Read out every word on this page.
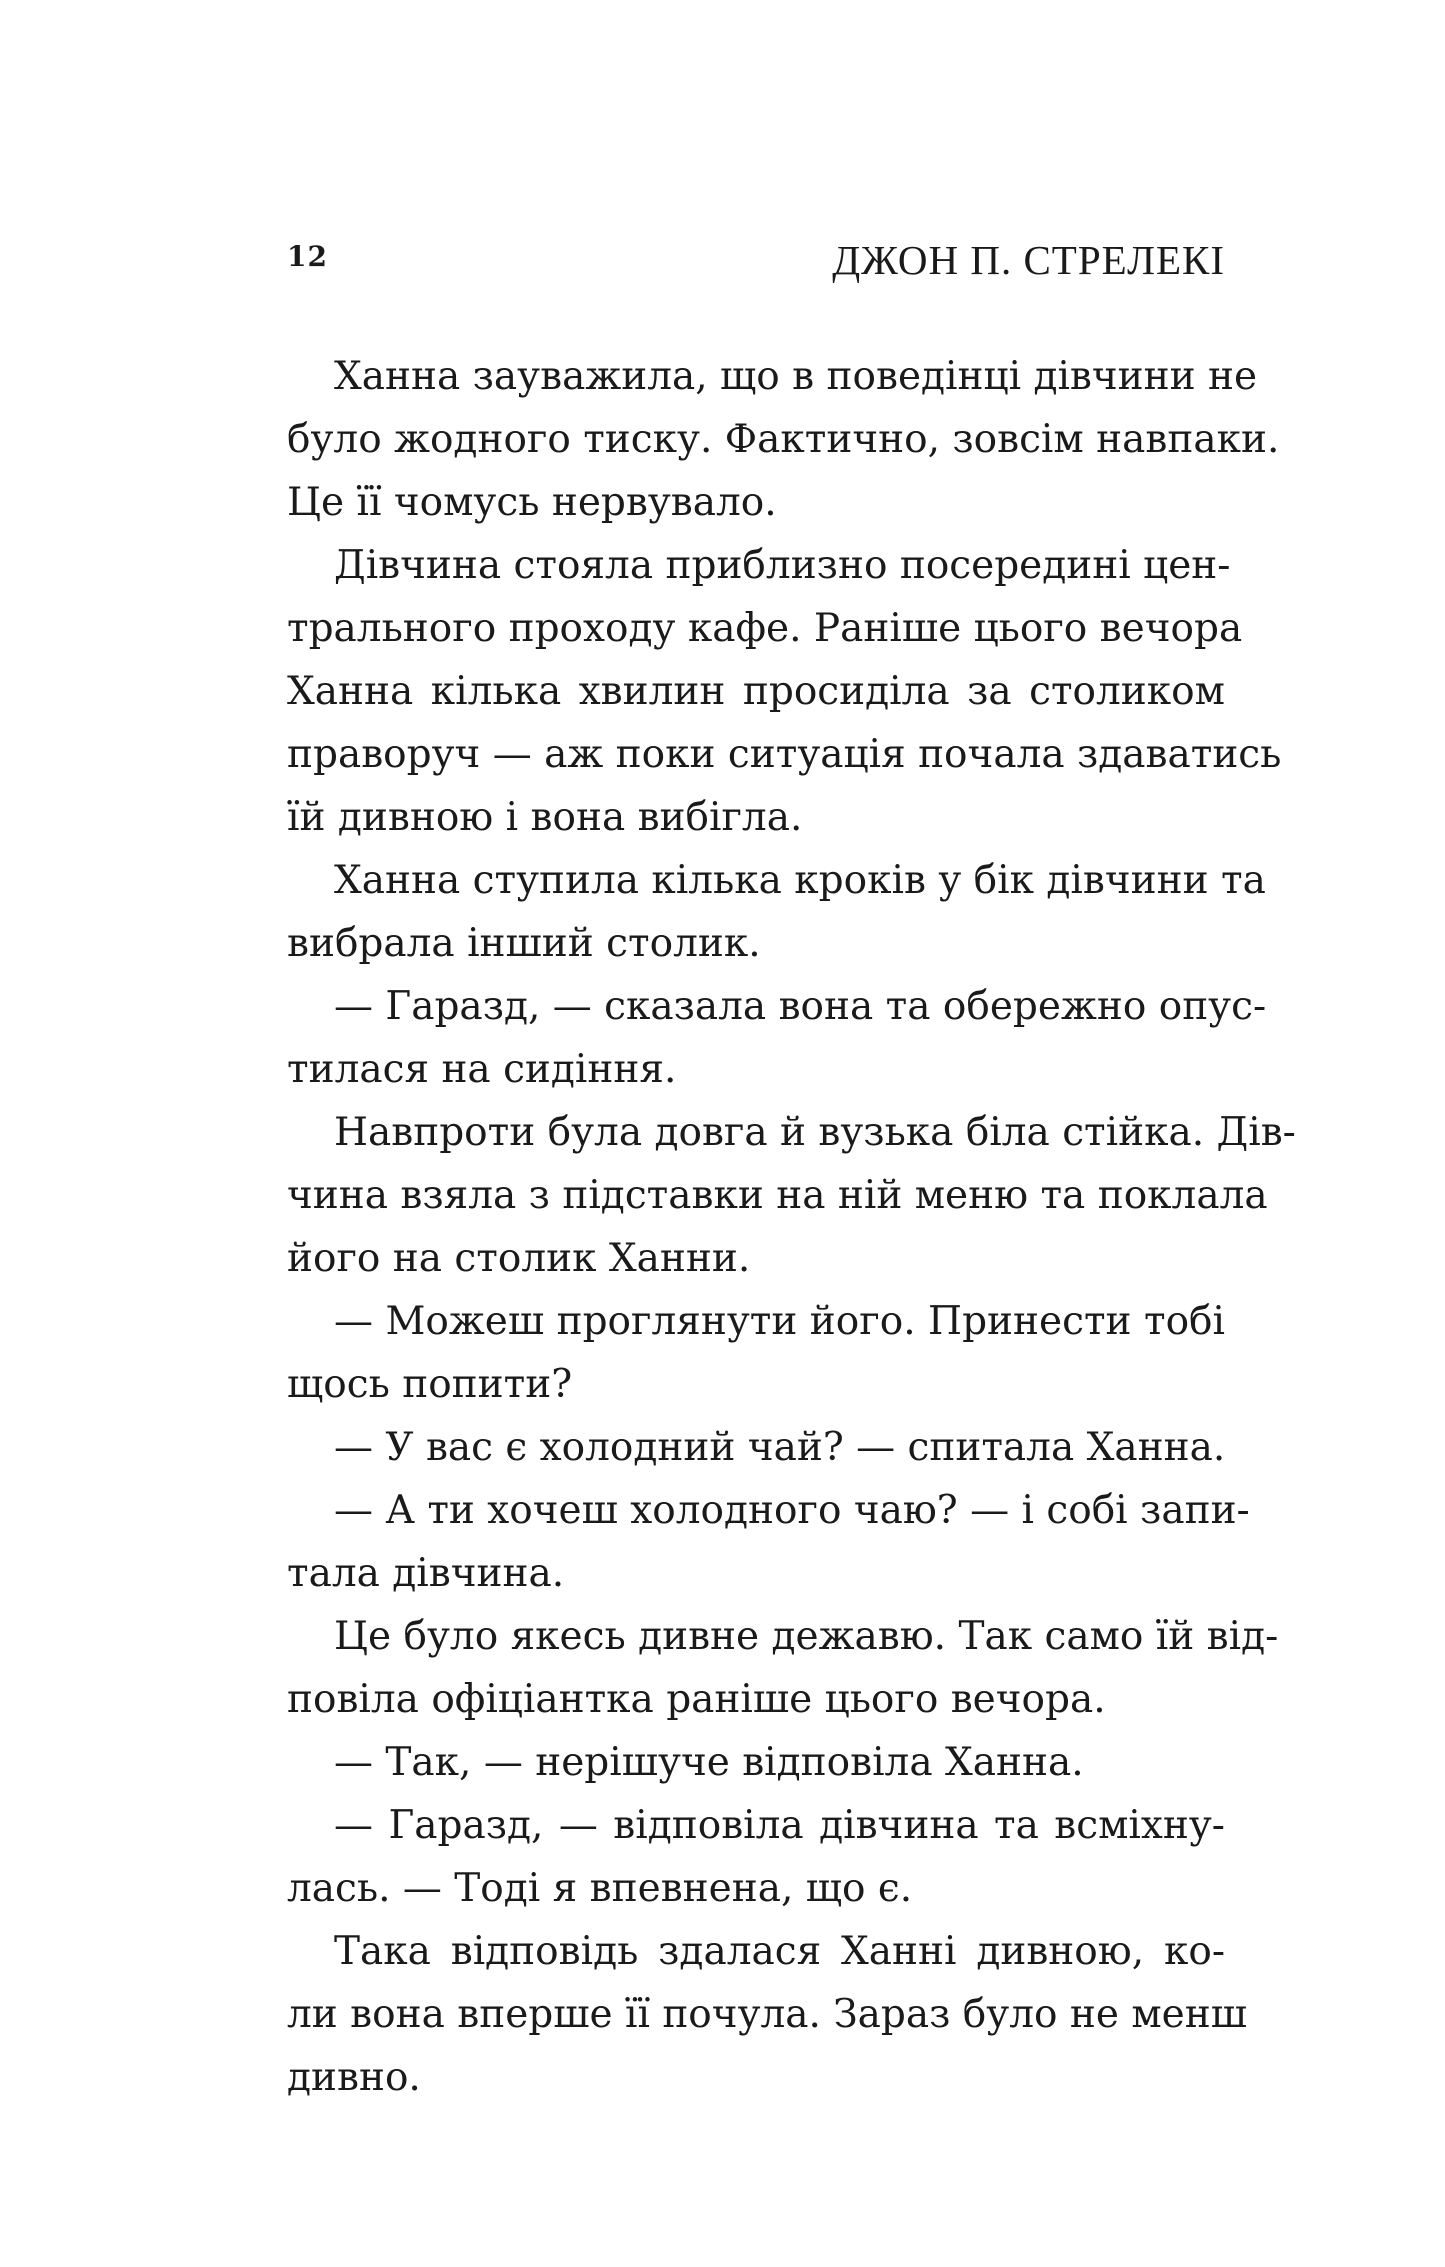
12	ДЖОН П. СТРЕЛЕКІ
Ханна зауважила, що в поведінці дівчини не
було жодного тиску. Фактично, зовсім навпаки.
Це її чомусь нервувало.
Дівчина стояла приблизно посередині цен-
трального проходу кафе. Раніше цього вечора
Ханна кілька хвилин просиділа за столиком
праворуч — аж поки ситуація почала здаватись
їй дивною і вона вибігла.
Ханна ступила кілька кроків у бік дівчини та
вибрала інший столик.
— Гаразд, — сказала вона та обережно опус-
тилася на сидіння.
Навпроти була довга й вузька біла стійка. Дів-
чина взяла з підставки на ній меню та поклала
його на столик Ханни.
— Можеш проглянути його. Принести тобі
щось попити?
— У вас є холодний чай? — спитала Ханна.
— А ти хочеш холодного чаю? — і собі запи-
тала дівчина.
Це було якесь дивне дежавю. Так само їй від-
повіла офіціантка раніше цього вечора.
— Так, — нерішуче відповіла Ханна.
— Гаразд, — відповіла дівчина та всміхну-
лась. — Тоді я впевнена, що є.
Така відповідь здалася Ханні дивною, ко-
ли вона вперше її почула. Зараз було не менш
дивно.
